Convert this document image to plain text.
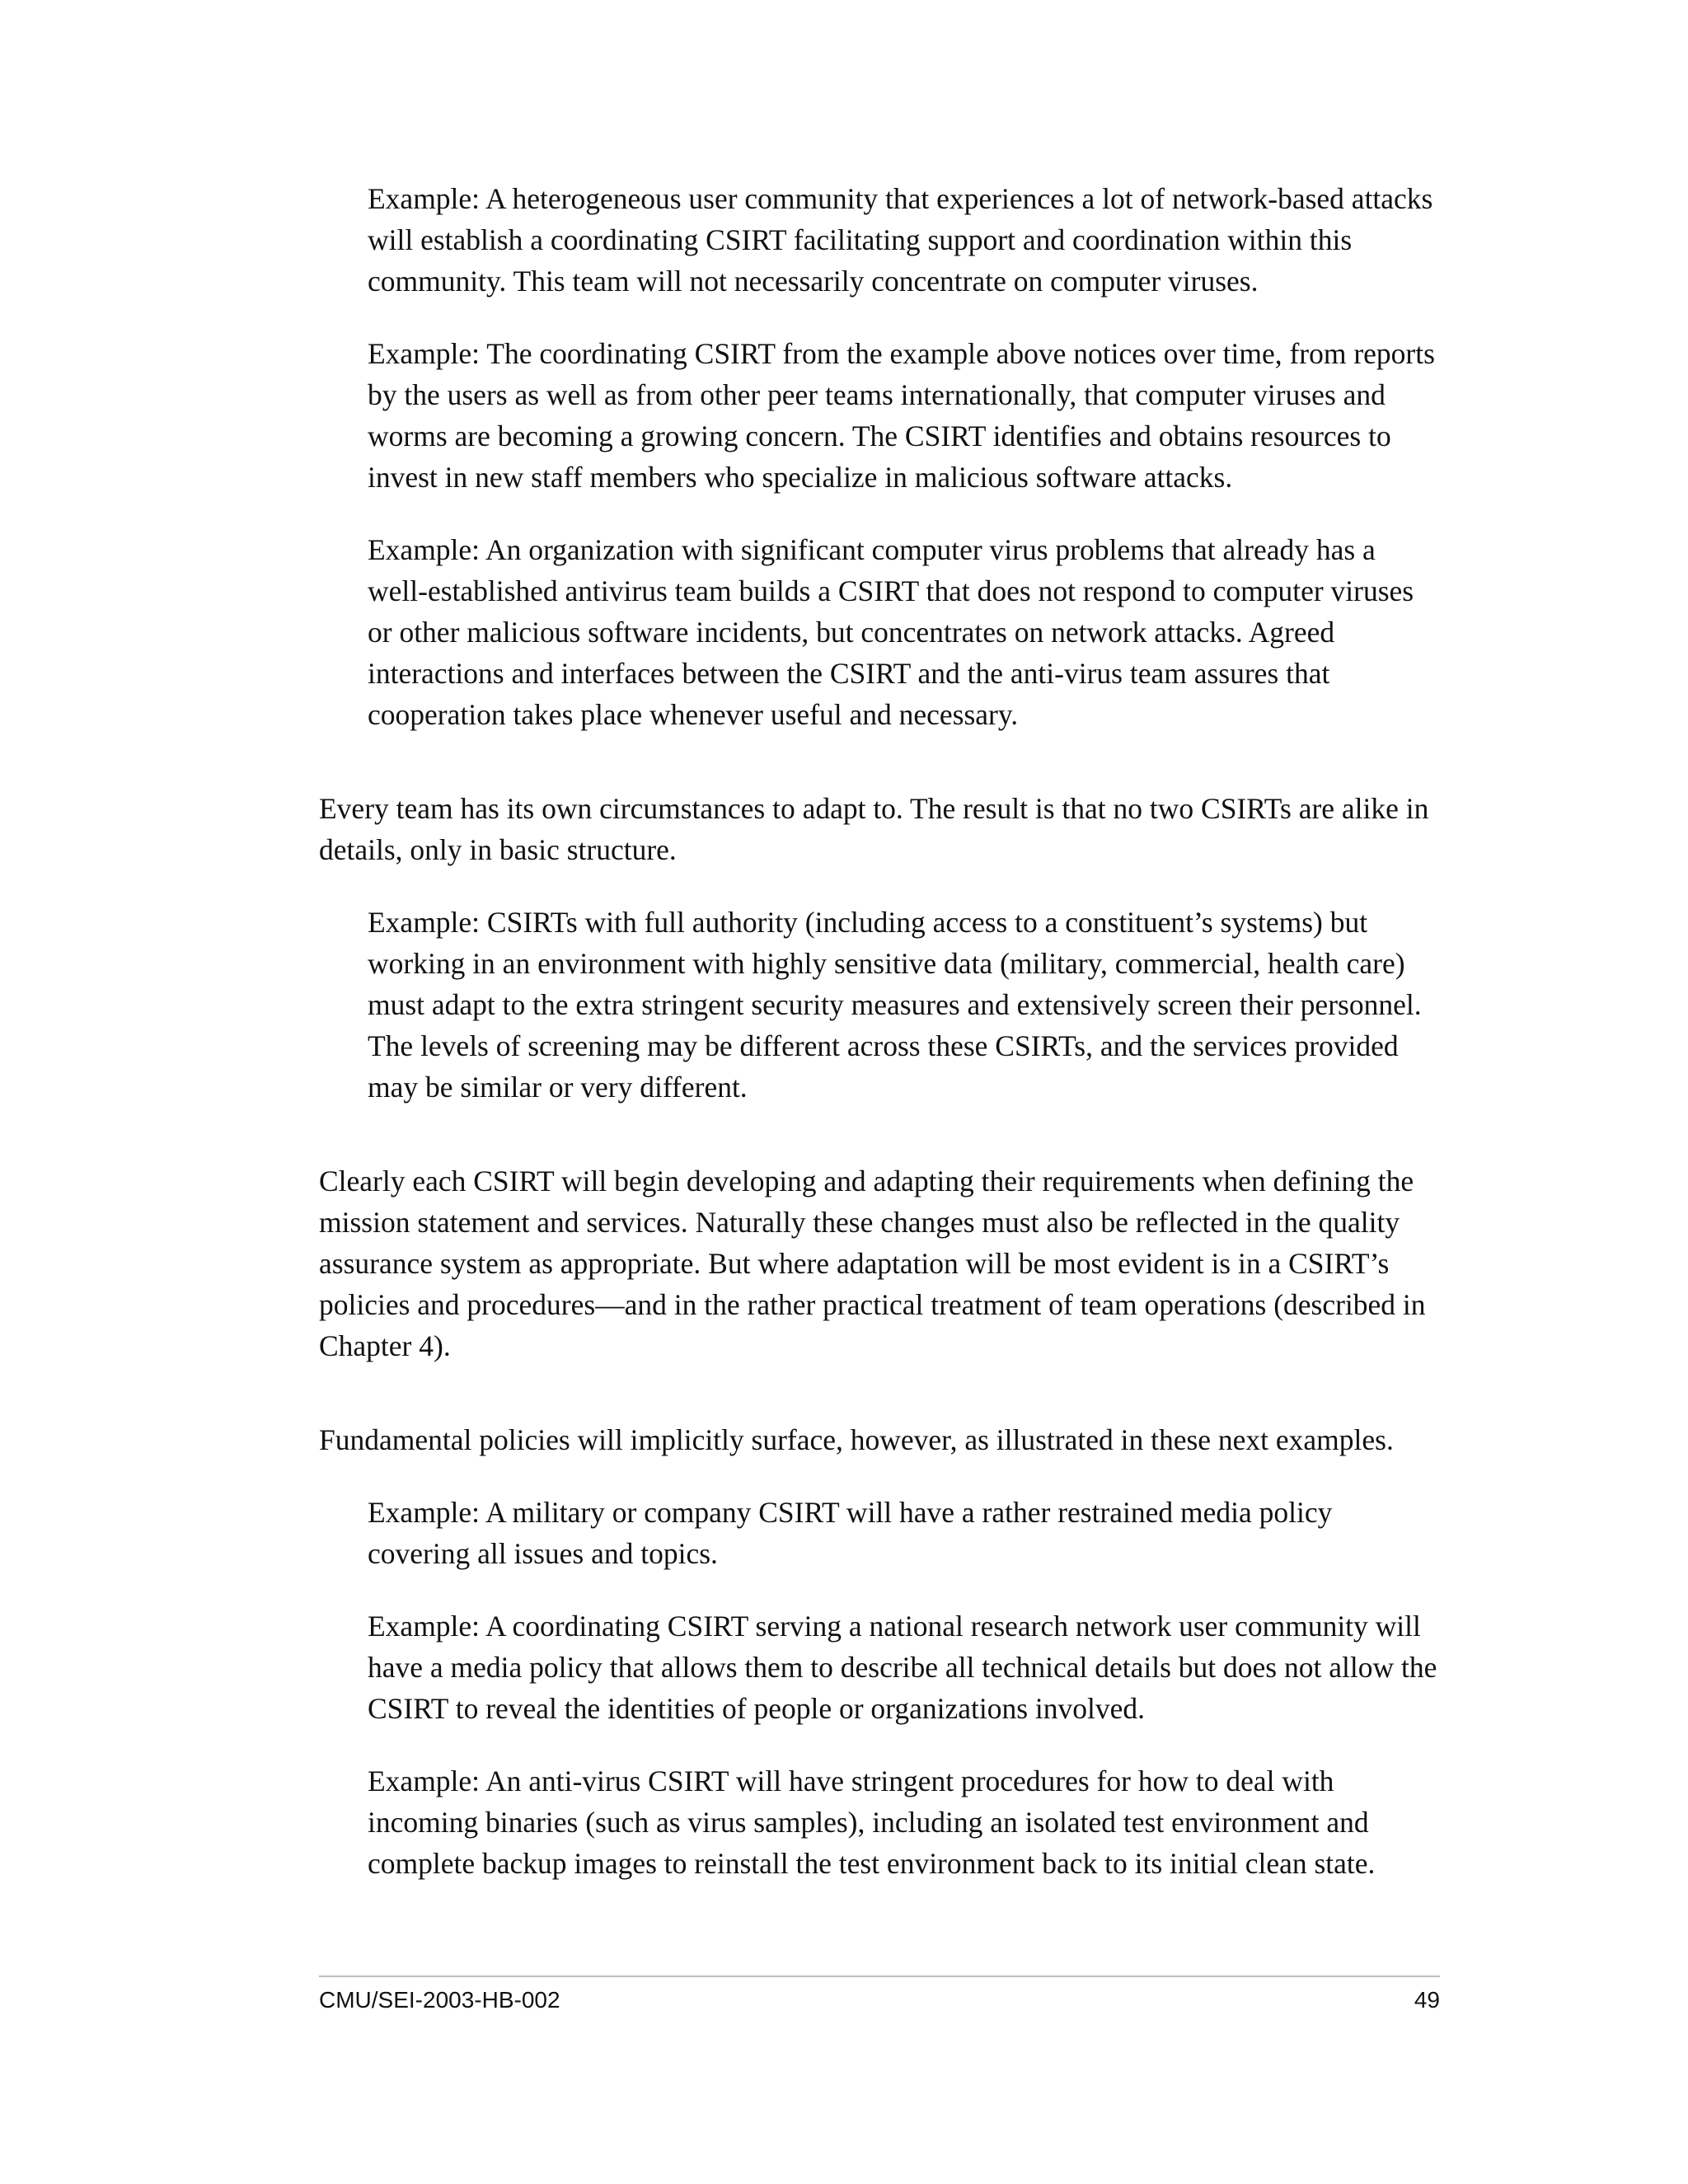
Example: A heterogeneous user community that experiences a lot of network-based attacks will establish a coordinating CSIRT facilitating support and coordination within this community. This team will not necessarily concentrate on computer viruses.

Example: The coordinating CSIRT from the example above notices over time, from reports by the users as well as from other peer teams internationally, that computer viruses and worms are becoming a growing concern. The CSIRT identifies and obtains resources to invest in new staff members who specialize in malicious software attacks.

Example: An organization with significant computer virus problems that already has a well-established antivirus team builds a CSIRT that does not respond to computer viruses or other malicious software incidents, but concentrates on network attacks. Agreed interactions and interfaces between the CSIRT and the anti-virus team assures that cooperation takes place whenever useful and necessary.

Every team has its own circumstances to adapt to. The result is that no two CSIRTs are alike in details, only in basic structure.

Example: CSIRTs with full authority (including access to a constituent’s systems) but working in an environment with highly sensitive data (military, commercial, health care) must adapt to the extra stringent security measures and extensively screen their personnel. The levels of screening may be different across these CSIRTs, and the services provided may be similar or very different.

Clearly each CSIRT will begin developing and adapting their requirements when defining the mission statement and services. Naturally these changes must also be reflected in the quality assurance system as appropriate. But where adaptation will be most evident is in a CSIRT’s policies and procedures—and in the rather practical treatment of team operations (described in Chapter 4).

Fundamental policies will implicitly surface, however, as illustrated in these next examples.

Example: A military or company CSIRT will have a rather restrained media policy covering all issues and topics.

Example: A coordinating CSIRT serving a national research network user community will have a media policy that allows them to describe all technical details but does not allow the CSIRT to reveal the identities of people or organizations involved.

Example: An anti-virus CSIRT will have stringent procedures for how to deal with incoming binaries (such as virus samples), including an isolated test environment and complete backup images to reinstall the test environment back to its initial clean state.

CMU/SEI-2003-HB-002	49
